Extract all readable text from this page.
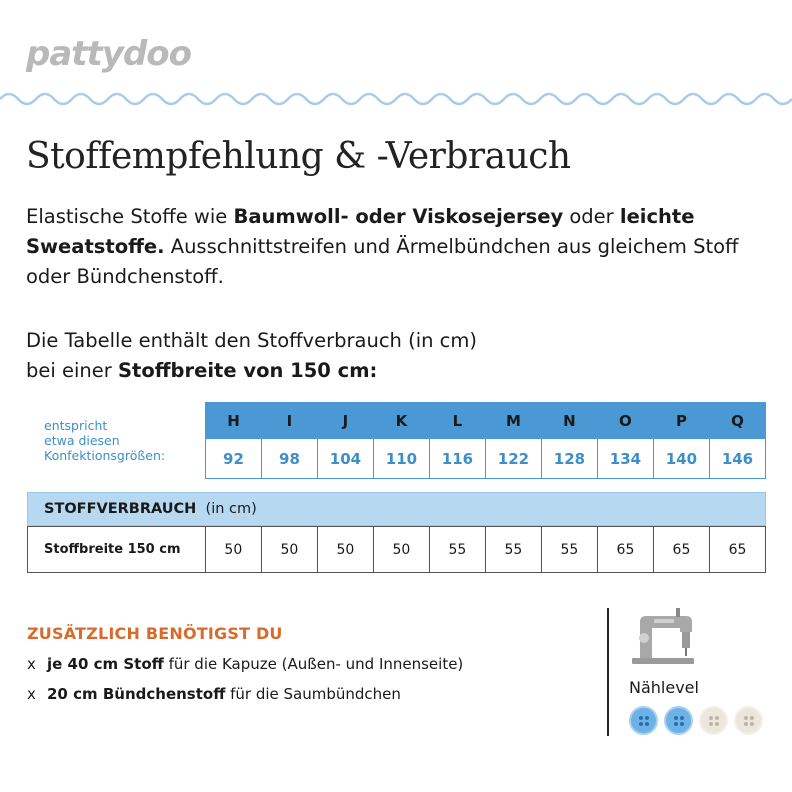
pattydoo
Stoffempfehlung & -Verbrauch

Elastische Stoffe wie Baumwoll- oder Viskosejersey oder leichte Sweatstoffe. Ausschnittstreifen und Ärmelbündchen aus gleichem Stoff oder Bündchenstoff.

Die Tabelle enthält den Stoffverbrauch (in cm)
bei einer Stoffbreite von 150 cm:

entspricht
etwa diesen
Konfektionsgrößen:
H	I	J	K	L	M	N	O	P	Q
92	98	104	110	116	122	128	134	140	146
STOFFVERBRAUCH (in cm)
Stoffbreite 150 cm	50	50	50	50	55	55	55	65	65	65
ZUSÄTZLICH BENÖTIGST DU
x je 40 cm Stoff für die Kapuze (Außen- und Innenseite)
x 20 cm Bündchenstoff für die Saumbündchen	Nählevel
